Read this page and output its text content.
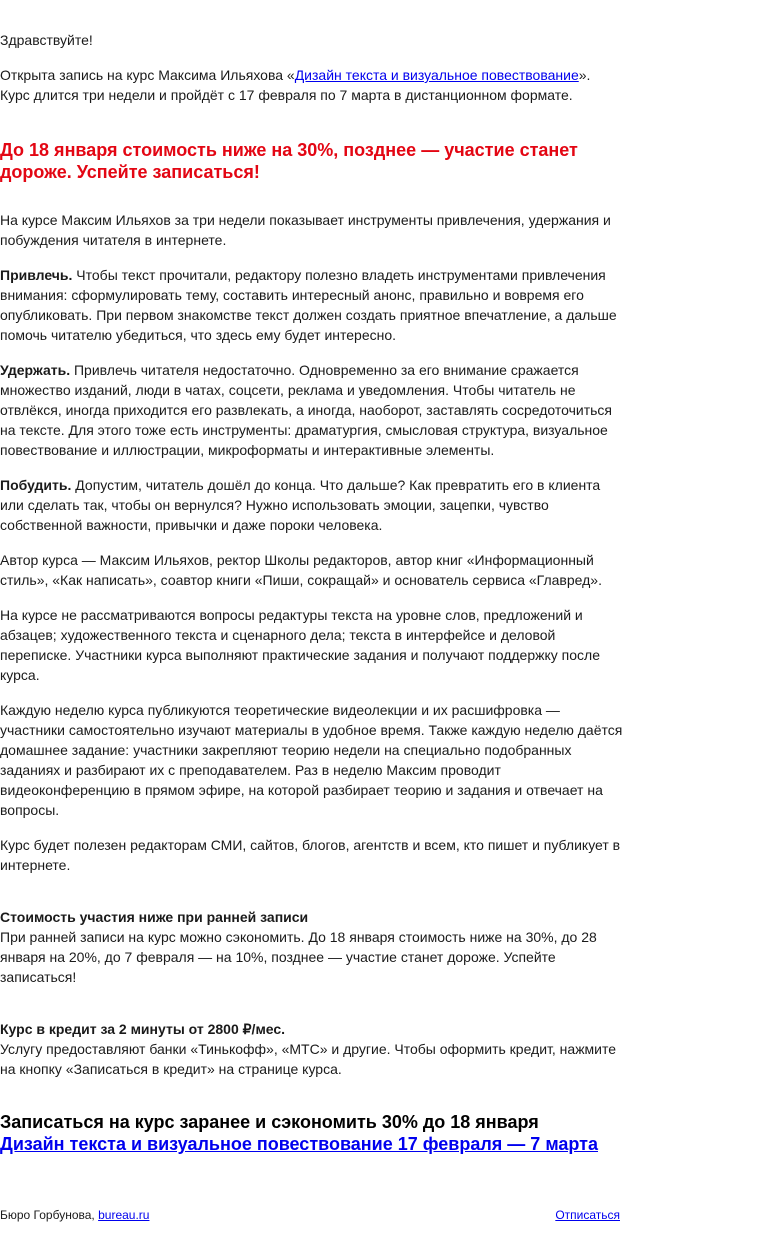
Здравствуйте!

Открыта запись на курс Максима Ильяхова «Дизайн текста и визуальное повествование».
Курс длится три недели и пройдёт с 17 февраля по 7 марта в дистанционном формате.

До 18 января стоимость ниже на 30%, позднее — участие станет дороже. Успейте записаться!

На курсе Максим Ильяхов за три недели показывает инструменты привлечения, удержания и побуждения читателя в интернете.

Привлечь. Чтобы текст прочитали, редактору полезно владеть инструментами привлечения внимания: сформулировать тему, составить интересный анонс, правильно и вовремя его опубликовать. При первом знакомстве текст должен создать приятное впечатление, а дальше помочь читателю убедиться, что здесь ему будет интересно.

Удержать. Привлечь читателя недостаточно. Одновременно за его внимание сражается множество изданий, люди в чатах, соцсети, реклама и уведомления. Чтобы читатель не отвлёкся, иногда приходится его развлекать, а иногда, наоборот, заставлять сосредоточиться на тексте. Для этого тоже есть инструменты: драматургия, смысловая структура, визуальное повествование и иллюстрации, микроформаты и интерактивные элементы.

Побудить. Допустим, читатель дошёл до конца. Что дальше? Как превратить его в клиента или сделать так, чтобы он вернулся? Нужно использовать эмоции, зацепки, чувство собственной важности, привычки и даже пороки человека.

Автор курса — Максим Ильяхов, ректор Школы редакторов, автор книг «Информационный стиль», «Как написать», соавтор книги «Пиши, сокращай» и основатель сервиса «Главред».

На курсе не рассматриваются вопросы редактуры текста на уровне слов, предложений и абзацев; художественного текста и сценарного дела; текста в интерфейсе и деловой переписке. Участники курса выполняют практические задания и получают поддержку после курса.

Каждую неделю курса публикуются теоретические видеолекции и их расшифровка — участники самостоятельно изучают материалы в удобное время. Также каждую неделю даётся домашнее задание: участники закрепляют теорию недели на специально подобранных заданиях и разбирают их с преподавателем. Раз в неделю Максим проводит видеоконференцию в прямом эфире, на которой разбирает теорию и задания и отвечает на вопросы.

Курс будет полезен редакторам СМИ, сайтов, блогов, агентств и всем, кто пишет и публикует в интернете.

Стоимость участия ниже при ранней записи
При ранней записи на курс можно сэкономить. До 18 января стоимость ниже на 30%, до 28 января на 20%, до 7 февраля — на 10%, позднее — участие станет дороже. Успейте записаться!

Курс в кредит за 2 минуты от 2800 ₽/мес.
Услугу предоставляют банки «Тинькофф», «МТС» и другие. Чтобы оформить кредит, нажмите на кнопку «Записаться в кредит» на странице курса.

Записаться на курс заранее и сэкономить 30% до 18 января
Дизайн текста и визуальное повествование 17 февраля — 7 марта

Бюро Горбунова, bureau.ru	Отписаться
